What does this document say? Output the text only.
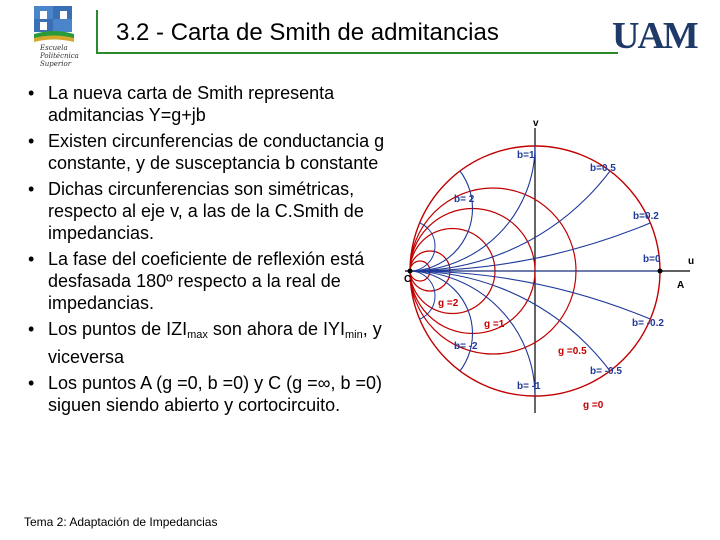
Escuela Politécnica Superior
3.2 - Carta de Smith de admitancias	UAM
• La nueva carta de Smith representa admitancias Y=g+jb
• Existen circunferencias de conductancia g constante, y de susceptancia b constante
• Dichas circunferencias son simétricas, respecto al eje v, a las de la C.Smith de impedancias.
• La fase del coeficiente de reflexión está desfasada 180º respecto a la real de impedancias.
• Los puntos de $IZI_{max}$ son ahora de $IYI_{min}$, y viceversa
• Los puntos A (g =0, b =0) y C (g =∞, b =0) siguen siendo abierto y cortocircuito.
v
u
C
A
b=1
b=0.5
b= 2
b=0.2
b=0
g =2
g =1	b= -0.2
b= -2	g =0.5
b= -0.5
b= -1
g =0
Tema 2: Adaptación de Impedancias
